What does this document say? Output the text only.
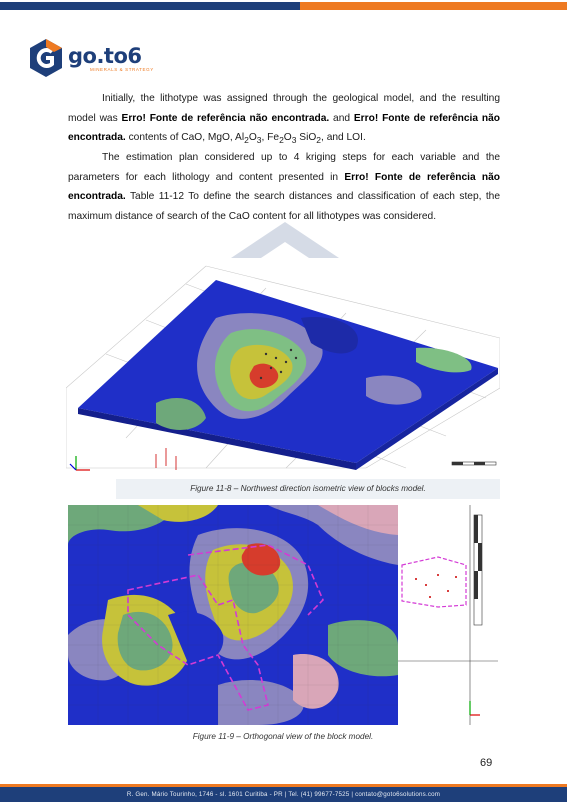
go.to6
MINERALS & STRATEGY
Initially, the lithotype was assigned through the geological model, and the resulting model was Erro! Fonte de referência não encontrada. and Erro! Fonte de referência não encontrada. contents of CaO, MgO, $Al_2O_3$, $Fe_2O_3$ SiO$_2$, and LOI.
The estimation plan considered up to 4 kriging steps for each variable and the parameters for each lithology and content presented in Erro! Fonte de referência não encontrada. Table 11-12 To define the search distances and classification of each step, the maximum distance of search of the CaO content for all lithotypes was considered.
Figure 11-8 – Northwest direction isometric view of blocks model.
Figure 11-9 – Orthogonal view of the block model.
69
R. Gen. Mário Tourinho, 1746 - sl. 1601 Curitiba - PR | Tel. (41) 99677-7525 | contato@goto6solutions.com
